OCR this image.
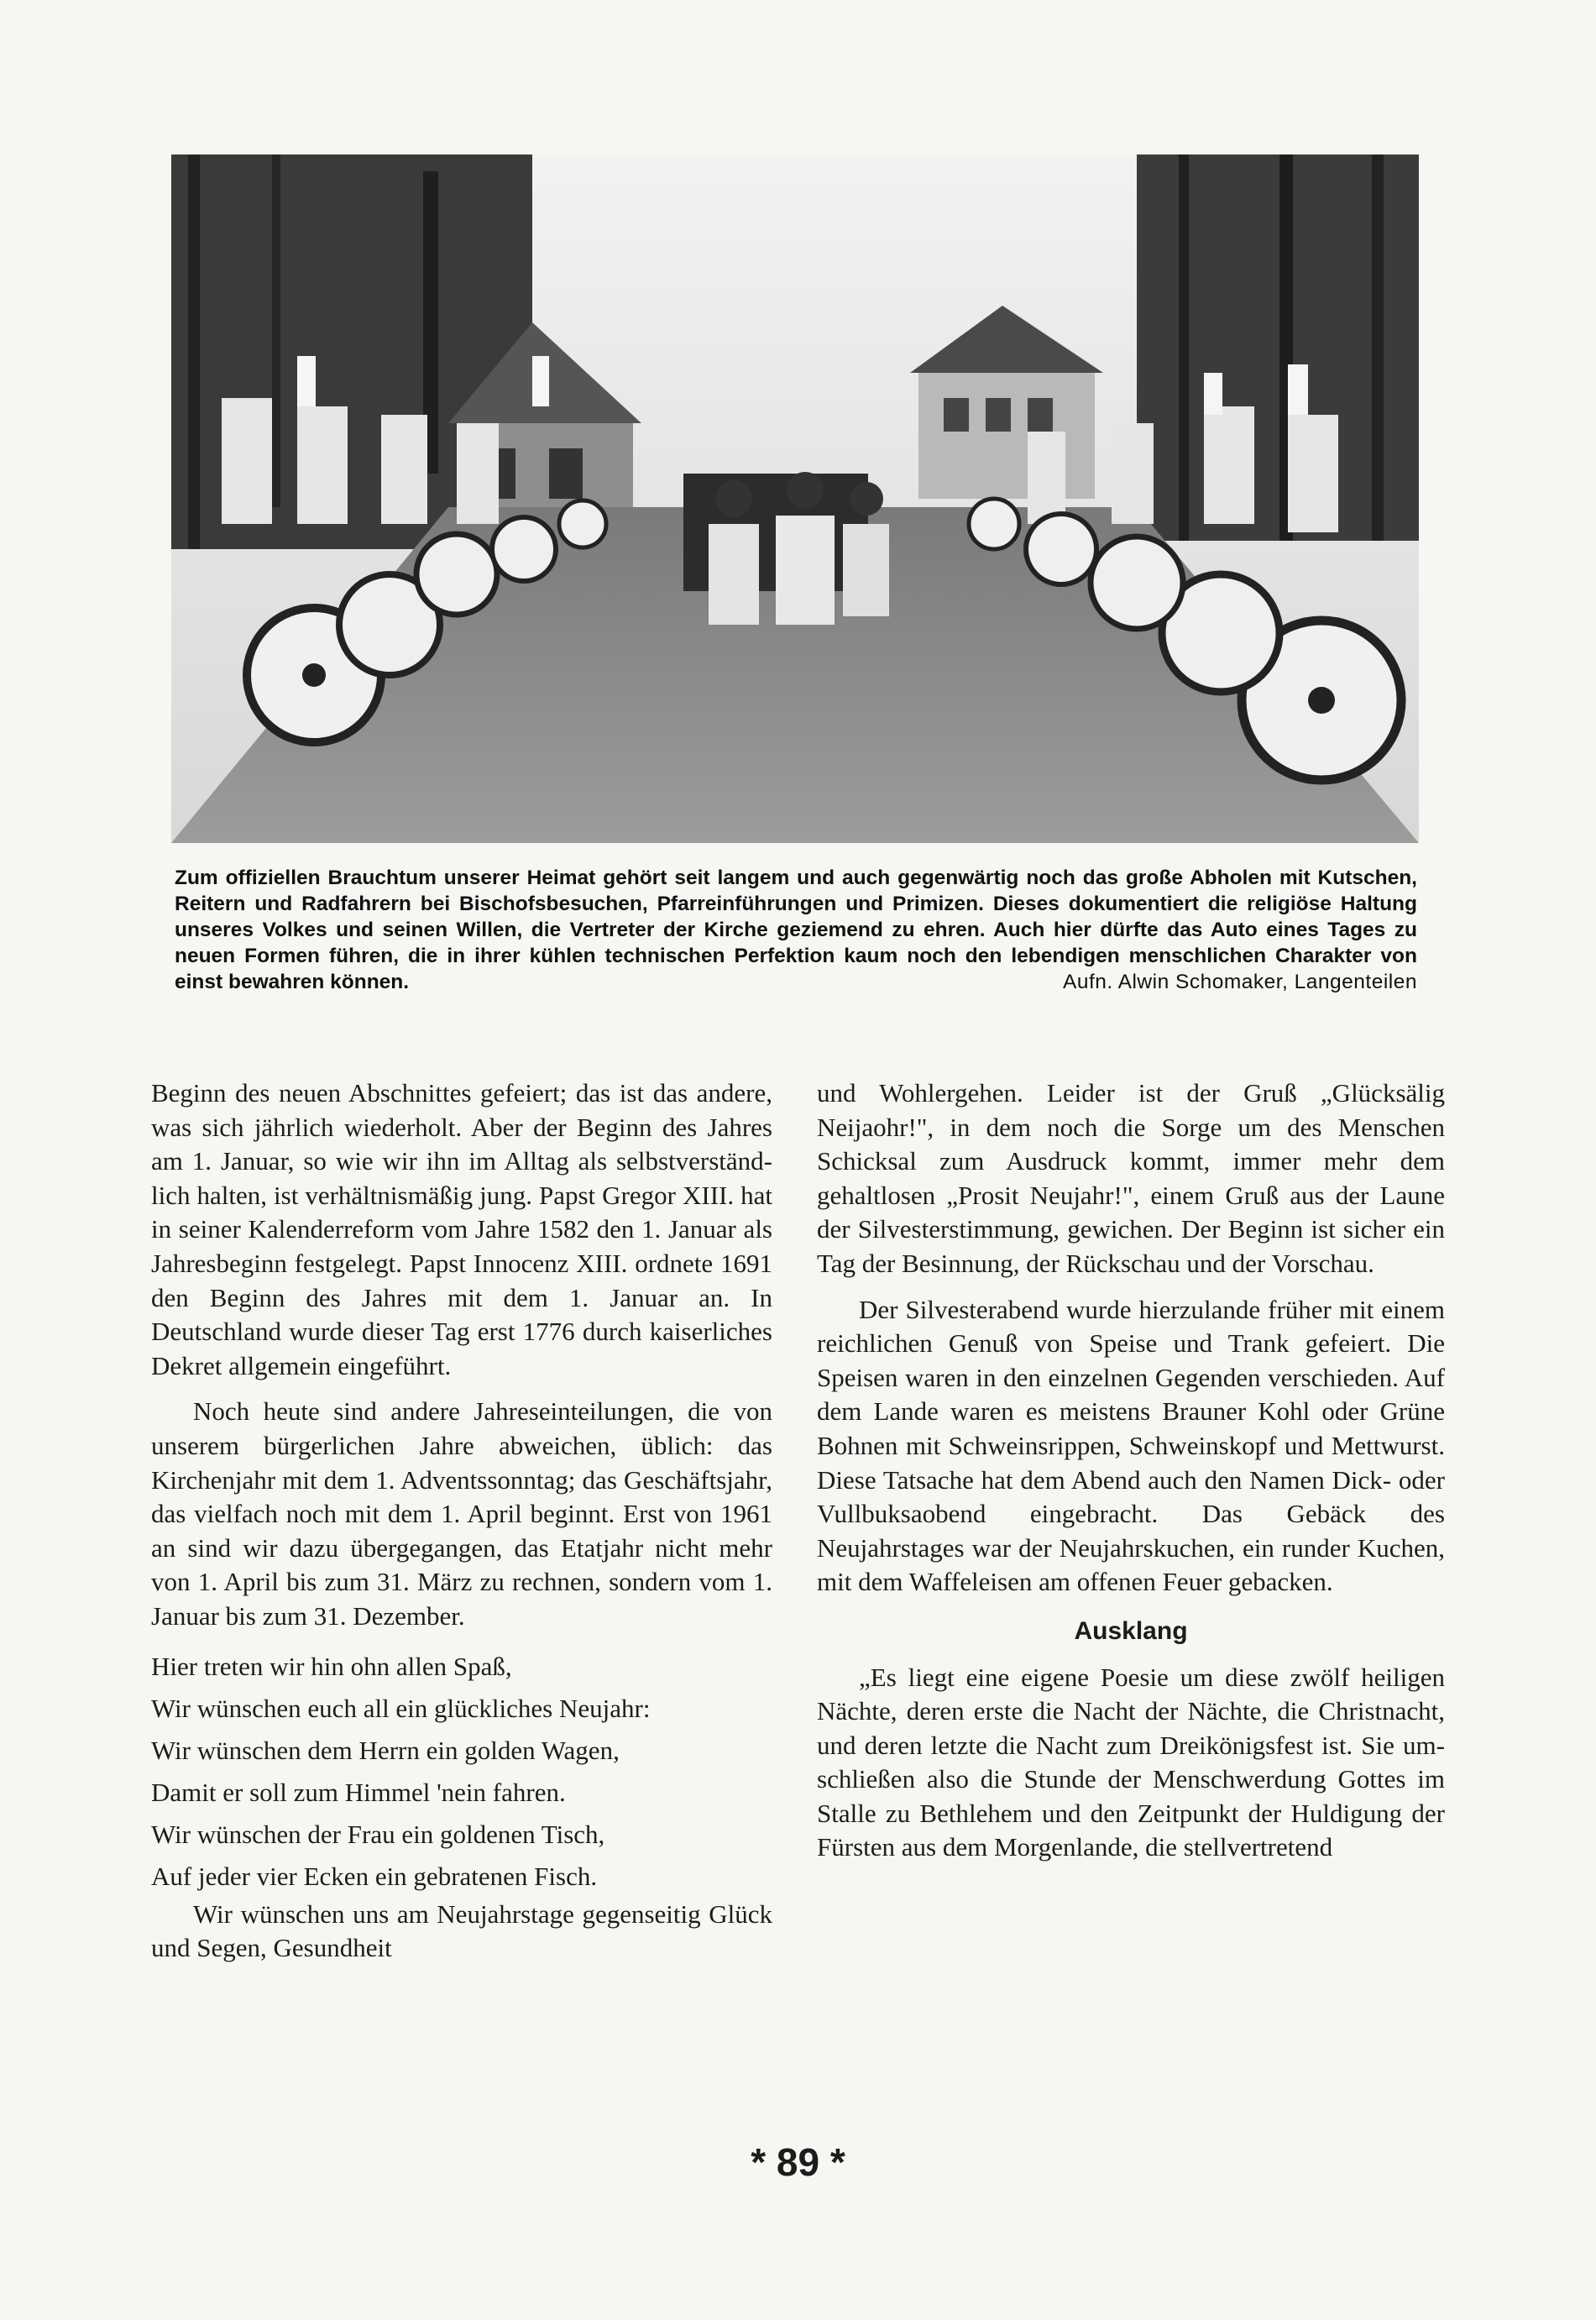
Zum offiziellen Brauchtum unserer Heimat gehört seit langem und auch gegenwärtig noch das große Abholen mit Kutschen, Reitern und Radfahrern bei Bischofsbesuchen, Pfarreinführungen und Primizen. Dieses dokumentiert die religiöse Haltung unseres Volkes und seinen Willen, die Vertreter der Kirche geziemend zu ehren. Auch hier dürfte das Auto eines Tages zu neuen Formen führen, die in ihrer kühlen technischen Perfektion kaum noch den lebendigen menschlichen Charakter von einst bewahren können.	Aufn. Alwin Schomaker, Langenteilen

Beginn des neuen Abschnittes gefeiert; das ist das andere, was sich jährlich wiederholt. Aber der Beginn des Jahres am 1. Januar, so wie wir ihn im Alltag als selbstverständlich halten, ist verhältnismäßig jung. Papst Gregor XIII. hat in seiner Kalenderreform vom Jahre 1582 den 1. Januar als Jahresbeginn festgelegt. Papst Innocenz XIII. ordnete 1691 den Beginn des Jahres mit dem 1. Januar an. In Deutschland wurde dieser Tag erst 1776 durch kaiserliches Dekret allgemein eingeführt.

Noch heute sind andere Jahreseinteilungen, die von unserem bürgerlichen Jahre abweichen, üblich: das Kirchenjahr mit dem 1. Adventssonntag; das Geschäftsjahr, das vielfach noch mit dem 1. April beginnt. Erst von 1961 an sind wir dazu übergegangen, das Etatjahr nicht mehr von 1. April bis zum 31. März zu rechnen, sondern vom 1. Januar bis zum 31. Dezember.

Hier treten wir hin ohn allen Spaß,
Wir wünschen euch all ein glückliches Neujahr:
Wir wünschen dem Herrn ein golden Wagen,
Damit er soll zum Himmel 'nein fahren.
Wir wünschen der Frau ein goldenen Tisch,
Auf jeder vier Ecken ein gebratenen Fisch.

Wir wünschen uns am Neujahrstage gegenseitig Glück und Segen, Gesundheit

und Wohlergehen. Leider ist der Gruß „Glücksälig Neijaohr!", in dem noch die Sorge um des Menschen Schicksal zum Ausdruck kommt, immer mehr dem gehaltlosen „Prosit Neujahr!", einem Gruß aus der Laune der Silvesterstimmung, gewichen. Der Beginn ist sicher ein Tag der Besinnung, der Rückschau und der Vorschau.

Der Silvesterabend wurde hierzulande früher mit einem reichlichen Genuß von Speise und Trank gefeiert. Die Speisen waren in den einzelnen Gegenden verschieden. Auf dem Lande waren es meistens Brauner Kohl oder Grüne Bohnen mit Schweinsrippen, Schweinskopf und Mettwurst. Diese Tatsache hat dem Abend auch den Namen Dick- oder Vullbuksaobend eingebracht. Das Gebäck des Neujahrstages war der Neujahrskuchen, ein runder Kuchen, mit dem Waffeleisen am offenen Feuer gebacken.

Ausklang

„Es liegt eine eigene Poesie um diese zwölf heiligen Nächte, deren erste die Nacht der Nächte, die Christnacht, und deren letzte die Nacht zum Dreikönigsfest ist. Sie umschließen also die Stunde der Menschwerdung Gottes im Stalle zu Bethlehem und den Zeitpunkt der Huldigung der Fürsten aus dem Morgenlande, die stellvertretend

* 89 *
